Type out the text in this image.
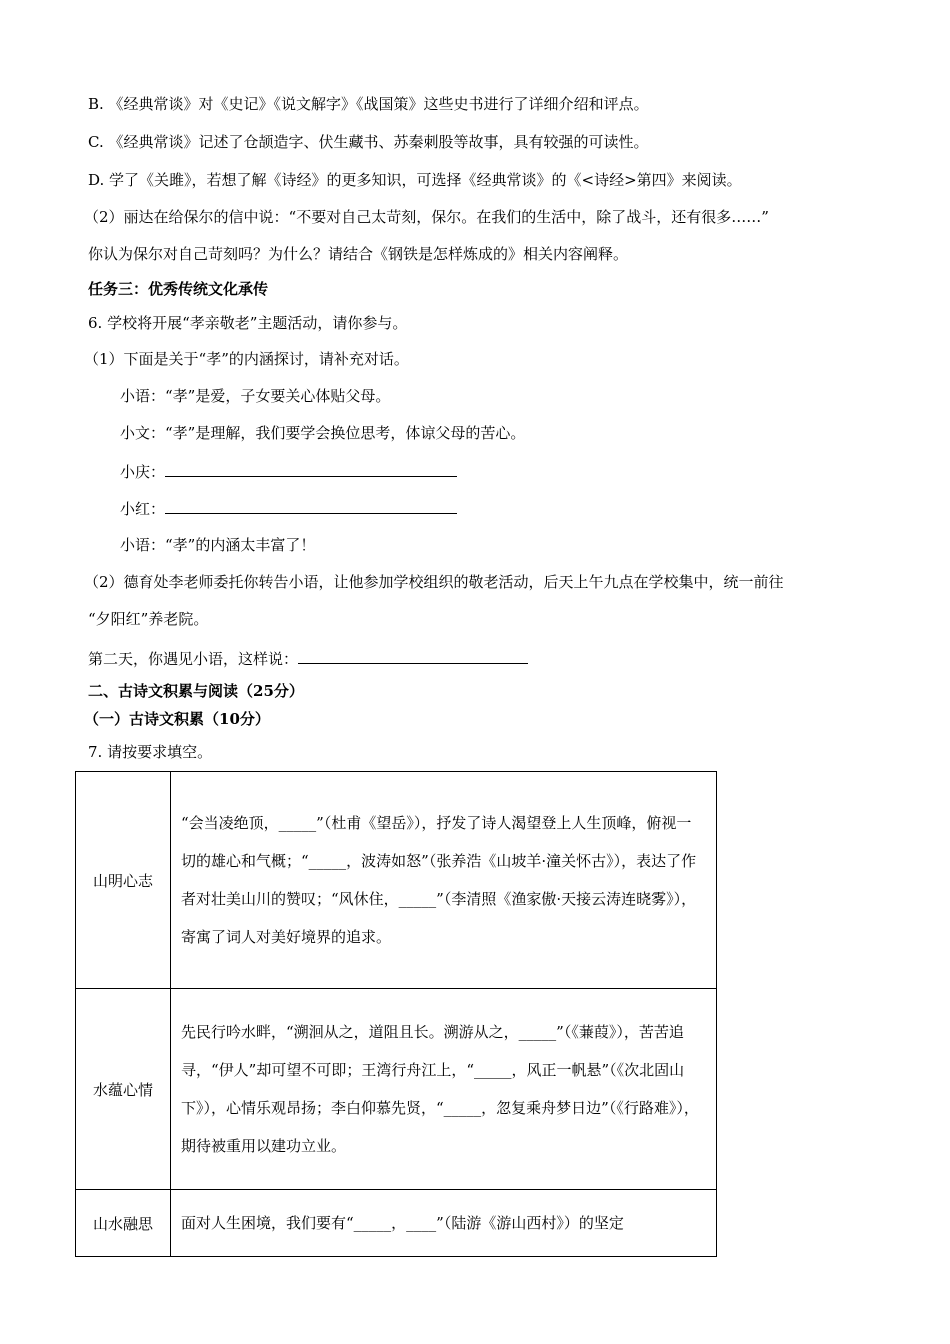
B. 《经典常谈》对《史记》《说文解字》《战国策》这些史书进行了详细介绍和评点。
C. 《经典常谈》记述了仓颉造字、伏生藏书、苏秦刺股等故事，具有较强的可读性。
D. 学了《关雎》，若想了解《诗经》的更多知识，可选择《经典常谈》的《<诗经>第四》来阅读。
（2）丽达在给保尔的信中说：“不要对自己太苛刻，保尔。在我们的生活中，除了战斗，还有很多……”
你认为保尔对自己苛刻吗？为什么？请结合《钢铁是怎样炼成的》相关内容阐释。
任务三：优秀传统文化承传
6. 学校将开展“孝亲敬老”主题活动，请你参与。
（1）下面是关于“孝”的内涵探讨，请补充对话。
小语：“孝”是爱，子女要关心体贴父母。
小文：“孝”是理解，我们要学会换位思考，体谅父母的苦心。
小庆：
小红：
小语：“孝”的内涵太丰富了！
（2）德育处李老师委托你转告小语，让他参加学校组织的敬老活动，后天上午九点在学校集中，统一前往
“夕阳红”养老院。
第二天，你遇见小语，这样说：
二、古诗文积累与阅读（25分）
（一）古诗文积累（10分）
7. 请按要求填空。
山明心志	“会当凌绝顶，_____”（杜甫《望岳》），抒发了诗人渴望登上人生顶峰，俯视一切的雄心和气概；“_____，波涛如怒”（张养浩《山坡羊·潼关怀古》），表达了作者对壮美山川的赞叹；“风休住，_____”（李清照《渔家傲·天接云涛连晓雾》），寄寓了词人对美好境界的追求。
水蕴心情	先民行吟水畔，“溯洄从之，道阻且长。溯游从之，_____”（《蒹葭》），苦苦追寻，“伊人”却可望不可即；王湾行舟江上，“_____，风正一帆悬”（《次北固山下》），心情乐观昂扬；李白仰慕先贤，“_____，忽复乘舟梦日边”（《行路难》），期待被重用以建功立业。
山水融思	面对人生困境，我们要有“_____，____”（陆游《游山西村》）的坚定
